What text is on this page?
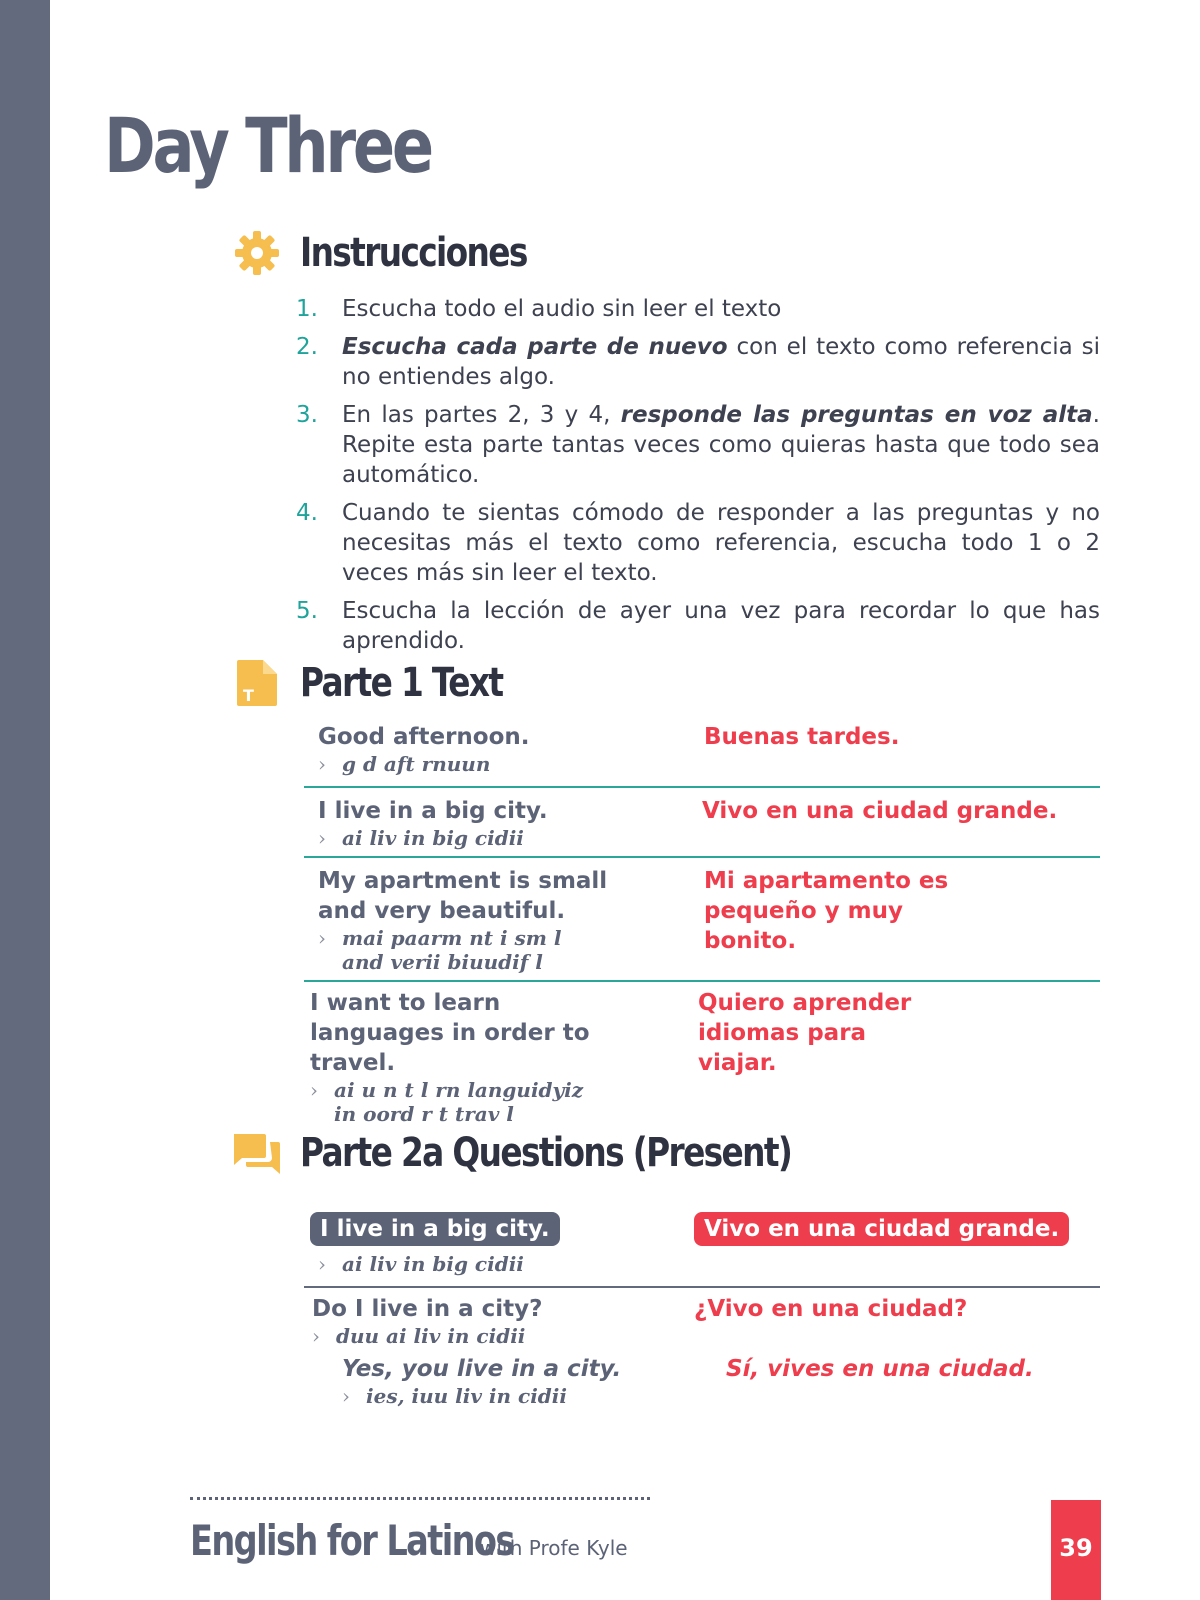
Day Three
Instrucciones
1. Escucha todo el audio sin leer el texto
2. Escucha cada parte de nuevo con el texto como referencia si no entiendes algo.
3. En las partes 2, 3 y 4, responde las preguntas en voz alta. Repite esta parte tantas veces como quieras hasta que todo sea automático.
4. Cuando te sientas cómodo de responder a las preguntas y no necesitas más el texto como referencia, escucha todo 1 o 2 veces más sin leer el texto.
5. Escucha la lección de ayer una vez para recordar lo que has aprendido.
T Parte 1 Text
Good afternoon.
› g d aft rnuun
Buenas tardes.
I live in a big city.
› ai liv in big cidii
Vivo en una ciudad grande.
My apartment is small and very beautiful.
› mai paarm nt i sm l
and verii biuudif l
Mi apartamento es pequeño y muy bonito.
I want to learn languages in order to travel.
› ai u n t l rn languidyiz
in oord r t trav l
Quiero aprender idiomas para viajar.
Parte 2a Questions (Present)
I live in a big city.
› ai liv in big cidii
Vivo en una ciudad grande.
Do I live in a city?
› duu ai liv in cidii
¿Vivo en una ciudad?
Yes, you live in a city.
› ies, iuu liv in cidii
Sí, vives en una ciudad.
English for Latinos
with Profe Kyle	39
